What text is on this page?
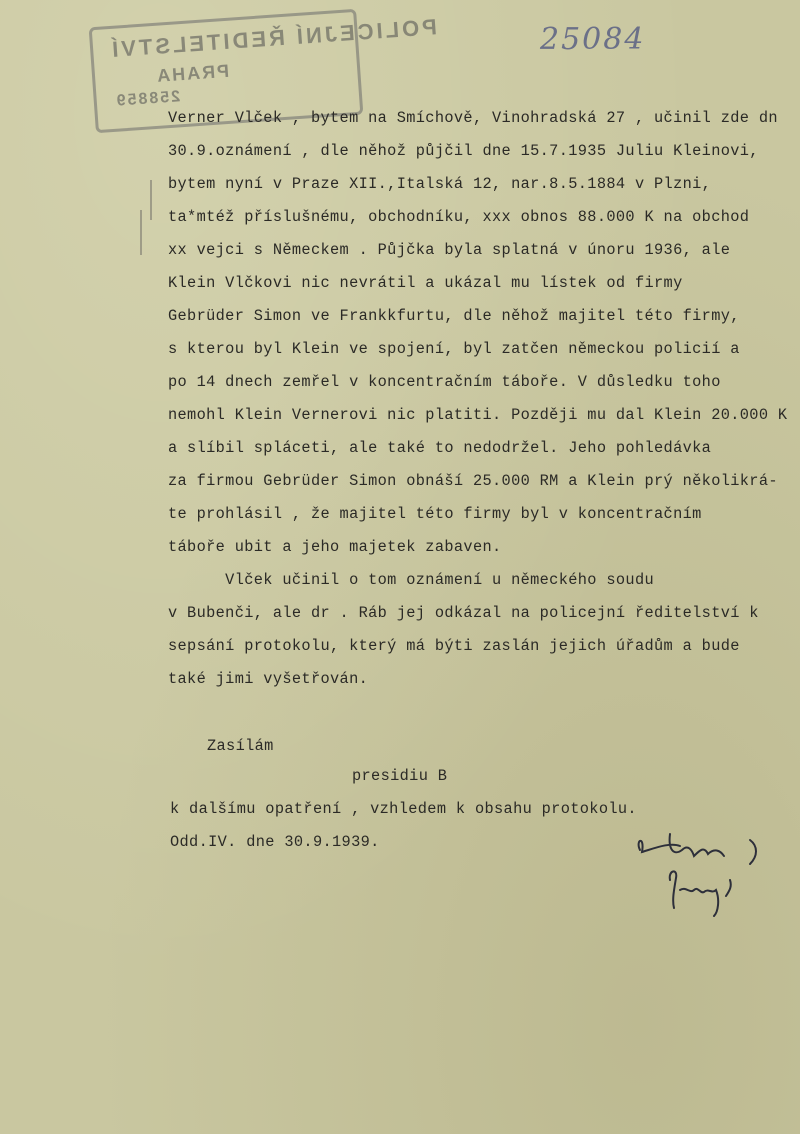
25084
POLICEJNÍ ŘEDITELSTVÍ
PRAHA
258859
Verner Vlček , bytem na Smíchově, Vinohradská 27 , učinil zde dn
30.9.oznámení , dle něhož půjčil dne 15.7.1935 Juliu Kleinovi,
bytem nyní v Praze XII.,Italská 12, nar.8.5.1884 v Plzni,
ta*mtéž příslušnému, obchodníku, xxx obnos 88.000 K na obchod
xx vejci s Německem . Půjčka byla splatná v únoru 1936, ale
Klein Vlčkovi nic nevrátil a ukázal mu lístek od firmy
Gebrüder Simon ve Frankkfurtu, dle něhož majitel této firmy,
s kterou byl Klein ve spojení, byl zatčen německou policií a
po 14 dnech zemřel v koncentračním táboře. V důsledku toho
nemohl Klein Vernerovi nic platiti. Později mu dal Klein 20.000 K
a slíbil spláceti, ale také to nedodržel. Jeho pohledávka
za firmou Gebrüder Simon obnáší 25.000 RM a Klein prý několikrá-
te prohlásil , že majitel této firmy byl v koncentračním
táboře ubit a jeho majetek zabaven.
Vlček učinil o tom oznámení u německého soudu
v Bubenči, ale dr . Ráb jej odkázal na policejní ředitelství k
sepsání protokolu, který má býti zaslán jejich úřadům a bude
také jimi vyšetřován.
Zasílám
presidiu B
k dalšímu opatření , vzhledem k obsahu protokolu.
Odd.IV. dne 30.9.1939.
